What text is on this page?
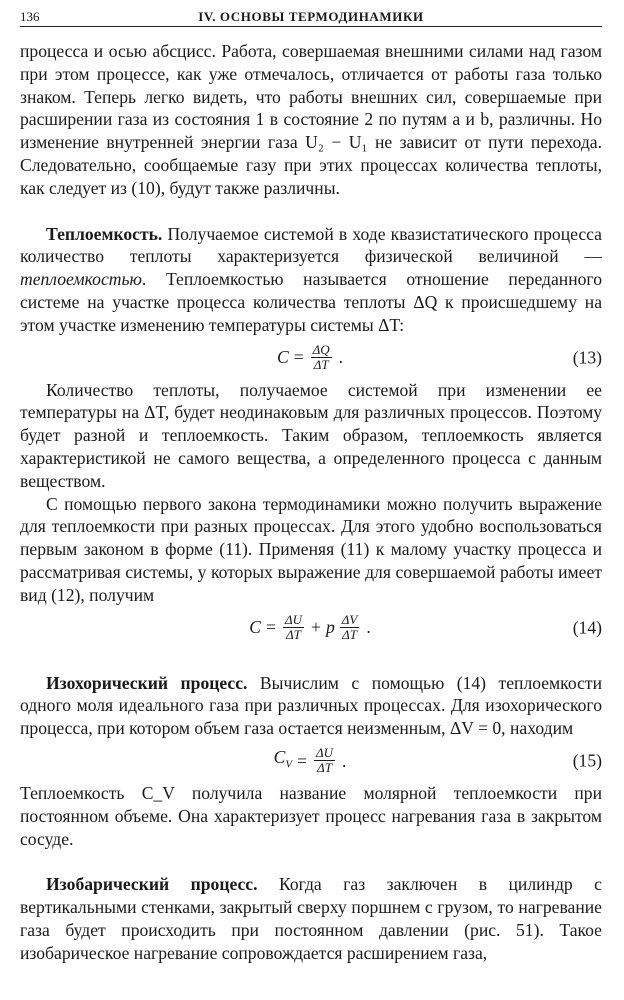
136	IV. ОСНОВЫ ТЕРМОДИНАМИКИ

процесса и осью абсцисс. Работа, совершаемая внешними силами над газом при этом процессе, как уже отмечалось, отличается от работы газа только знаком. Теперь легко видеть, что работы внешних сил, совершаемые при расширении газа из состояния 1 в состояние 2 по путям a и b, различны. Но изменение внутренней энергии газа U₂ − U₁ не зависит от пути перехода. Следовательно, сообщаемые газу при этих процессах количества теплоты, как следует из (10), будут также различны.

Теплоемкость. Получаемое системой в ходе квазистатического процесса количество теплоты характеризуется физической величиной — теплоемкостью. Теплоемкостью называется отношение переданного системе на участке процесса количества теплоты ΔQ к происшедшему на этом участке изменению температуры системы ΔT:

$C = \frac{\Delta Q}{\Delta T}$ .	(13)

Количество теплоты, получаемое системой при изменении ее температуры на ΔT, будет неодинаковым для различных процессов. Поэтому будет разной и теплоемкость. Таким образом, теплоемкость является характеристикой не самого вещества, а определенного процесса с данным веществом.

С помощью первого закона термодинамики можно получить выражение для теплоемкости при разных процессах. Для этого удобно воспользоваться первым законом в форме (11). Применяя (11) к малому участку процесса и рассматривая системы, у которых выражение для совершаемой работы имеет вид (12), получим

$C = \frac{\Delta U}{\Delta T} + p \frac{\Delta V}{\Delta T}$ .	(14)

Изохорический процесс. Вычислим с помощью (14) теплоемкости одного моля идеального газа при различных процессах. Для изохорического процесса, при котором объем газа остается неизменным, ΔV = 0, находим

$C_V = \frac{\Delta U}{\Delta T}$ .	(15)

Теплоемкость C_V получила название молярной теплоемкости при постоянном объеме. Она характеризует процесс нагревания газа в закрытом сосуде.

Изобарический процесс. Когда газ заключен в цилиндр с вертикальными стенками, закрытый сверху поршнем с грузом, то нагревание газа будет происходить при постоянном давлении (рис. 51). Такое изобарическое нагревание сопровождается расширением газа,
